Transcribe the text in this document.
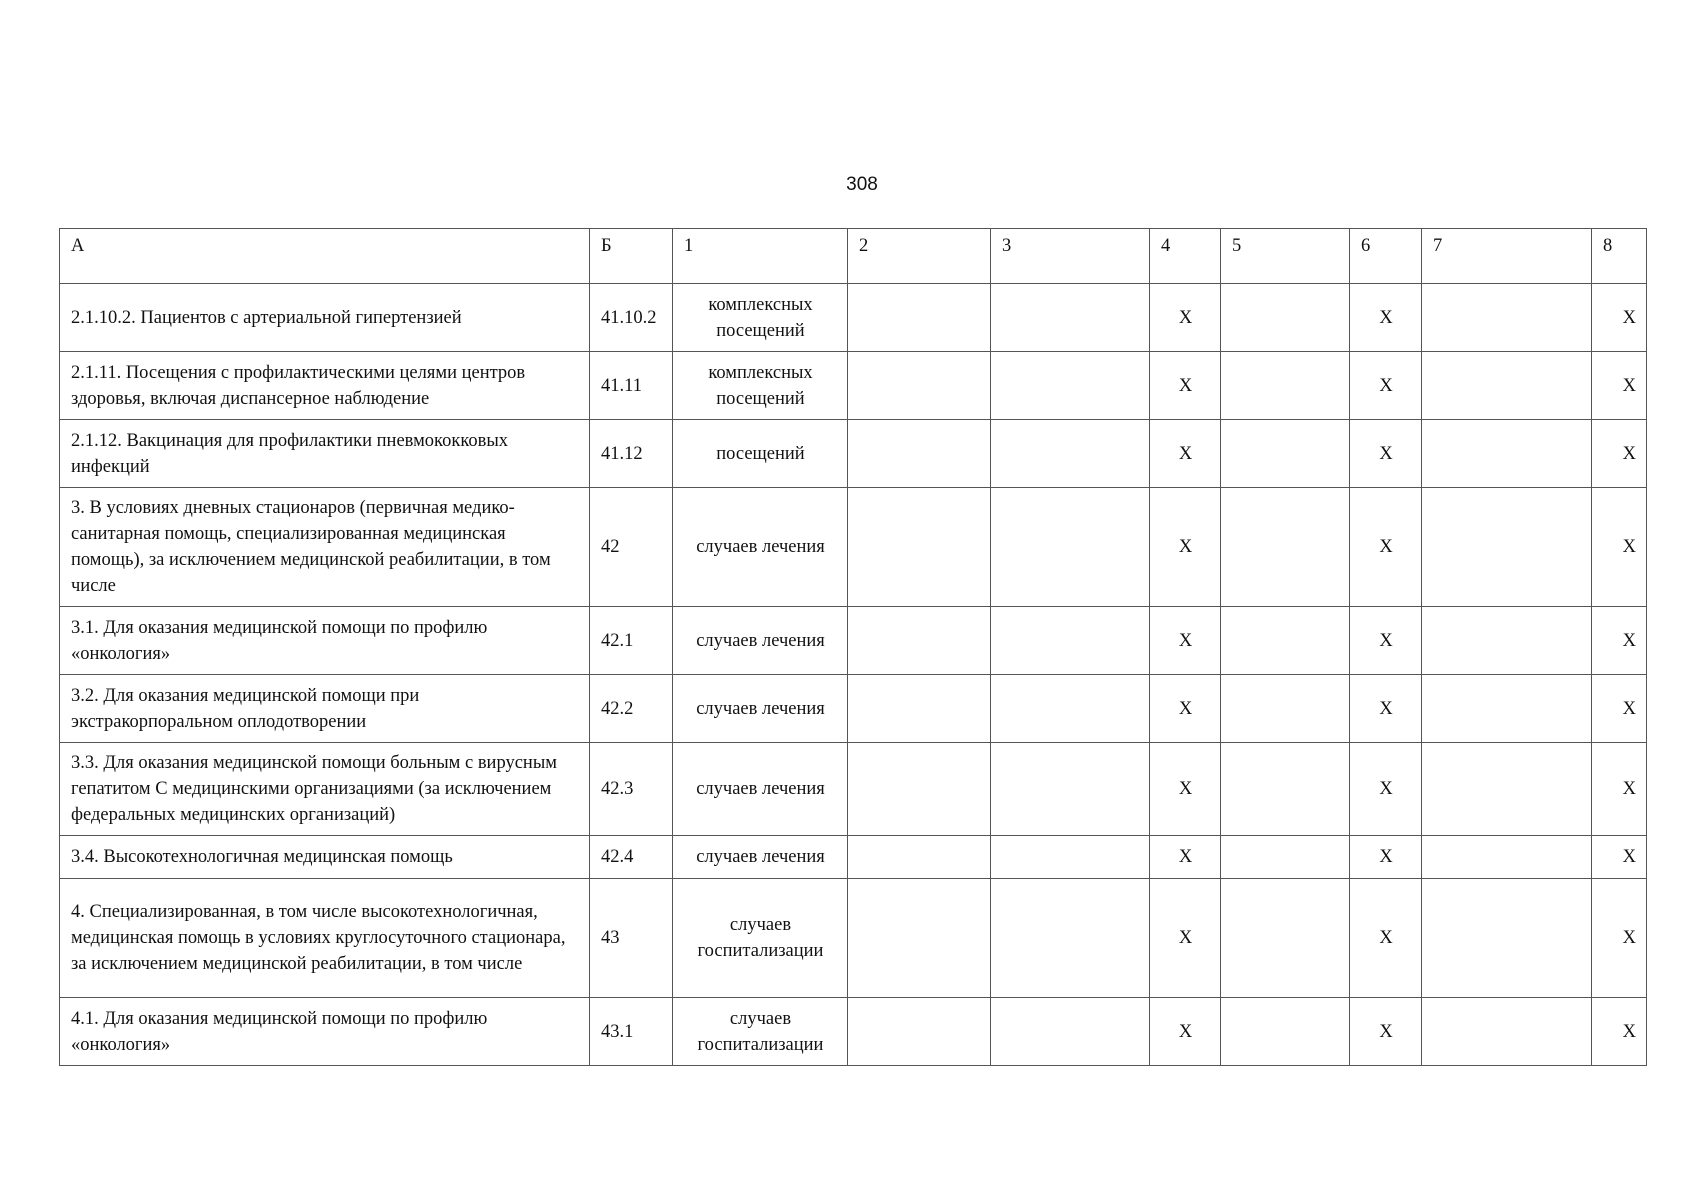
308
А	Б	1	2	3	4	5	6	7	8
2.1.10.2. Пациентов с артериальной гипертензией	41.10.2	комплексных посещений			Х		Х		Х
2.1.11. Посещения с профилактическими целями центров здоровья, включая диспансерное наблюдение	41.11	комплексных посещений			Х		Х		Х
2.1.12. Вакцинация для профилактики пневмококковых инфекций	41.12	посещений			Х		Х		Х
3. В условиях дневных стационаров (первичная медико-санитарная помощь, специализированная медицинская помощь), за исключением медицинской реабилитации, в том числе	42	случаев лечения			Х		Х		Х
3.1. Для оказания медицинской помощи по профилю «онкология»	42.1	случаев лечения			Х		Х		Х
3.2. Для оказания медицинской помощи при экстракорпоральном оплодотворении	42.2	случаев лечения			Х		Х		Х
3.3. Для оказания медицинской помощи больным с вирусным гепатитом С медицинскими организациями (за исключением федеральных медицинских организаций)	42.3	случаев лечения			Х		Х		Х
3.4. Высокотехнологичная медицинская помощь	42.4	случаев лечения			Х		Х		Х
4. Специализированная, в том числе высокотехнологичная, медицинская помощь в условиях круглосуточного стационара, за исключением медицинской реабилитации, в том числе	43	случаев госпитализации			Х		Х		Х
4.1. Для оказания медицинской помощи по профилю «онкология»	43.1	случаев госпитализации			Х		Х		Х
